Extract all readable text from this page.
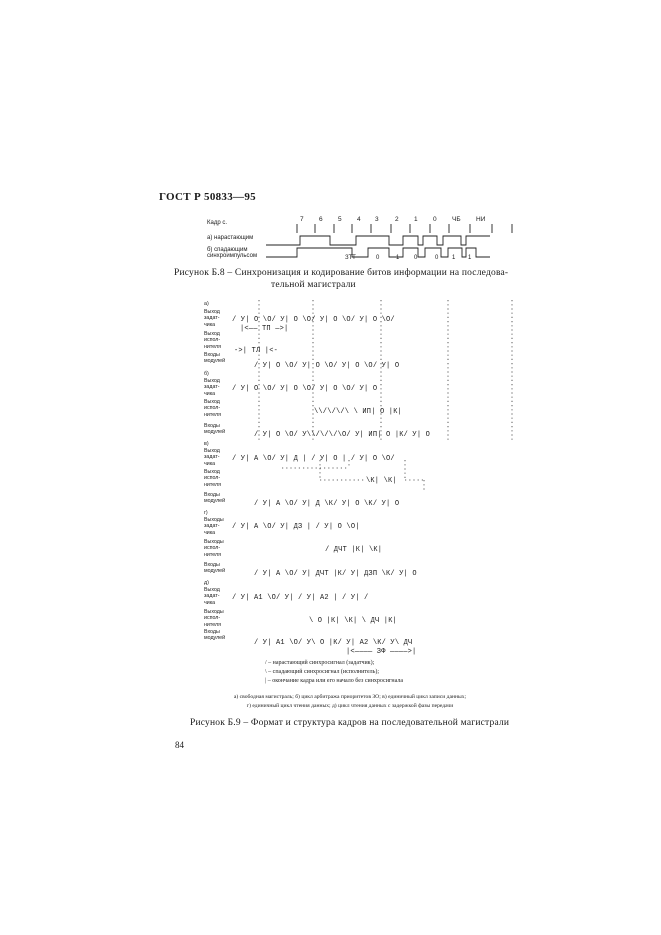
ГОСТ Р 50833—95
Кадр с.
а) нарастающим
б) спадающим синхроимпульсом
7 6 5 4 3	2 1 0 ЧБ НИ
0	1 0	0 1 1
ЗТТ
Рисунок Б.8 – Синхронизация и кодирование битов информации на последова-
тельной магистрали
а)
Выход
задат-
чика
Выход
испол-
нителя
Входы
модулей
б)
Выход
задат-
чика
Выход
испол-
нителя
Входы
модулей
в)
Выход
задат-
чика
Выход
испол-
нителя
Входы
модулей
г)
Выходы
задат-
чика
Выходы
испол-
нителя
Входы
модулей
д)
Выход
задат-
чика
Выходы
испол-
нителя
Входы
модулей
/ У| О \О/ У| О \О/ У| О \О/ У| О \О/
|<—— ТП —>|
->| ТЛ |<-
/ У| О \О/ У| О \О/ У| О \О/ У| О
/ У| О \О/ У| О \О/ У| О \О/ У| О
\\/\/\/\ \ ИП| О |К|
/ У| О \О/ У\\/\/\/\О/ У| ИП| О |К/ У| О
/ У| А \О/ У| Д | / У| О | / У| О \О/
\К| \К|
/ У| А \О/ У| Д \К/ У| О \К/ У| О
/ У| А \О/ У| ДЗ | / У| О \О|
/ ДЧТ |К| \К|
/ У| А \О/ У| ДЧТ |К/ У| ДЗП \К/ У| О
/ У| А1 \О/ У| / У| А2 | / У| /
\ О |К| \К| \ ДЧ |К|
/ У| А1 \О/ У\ О |К/ У| А2 \К/ У\ ДЧ
|<———— ЗФ ————>|
/ – нарастающий синхросигнал (задатчик);
\ – спадающий синхросигнал (исполнитель);
| – окончание кадра или его начало без синхросигнала
а) свободная магистраль; б) цикл арбитража приоритетов ЗО; в) единичный цикл записи данных;
г) единичный цикл чтения данных; д) цикл чтения данных с задержкой фазы передачи
Рисунок Б.9 – Формат и структура кадров на последовательной магистрали
84
